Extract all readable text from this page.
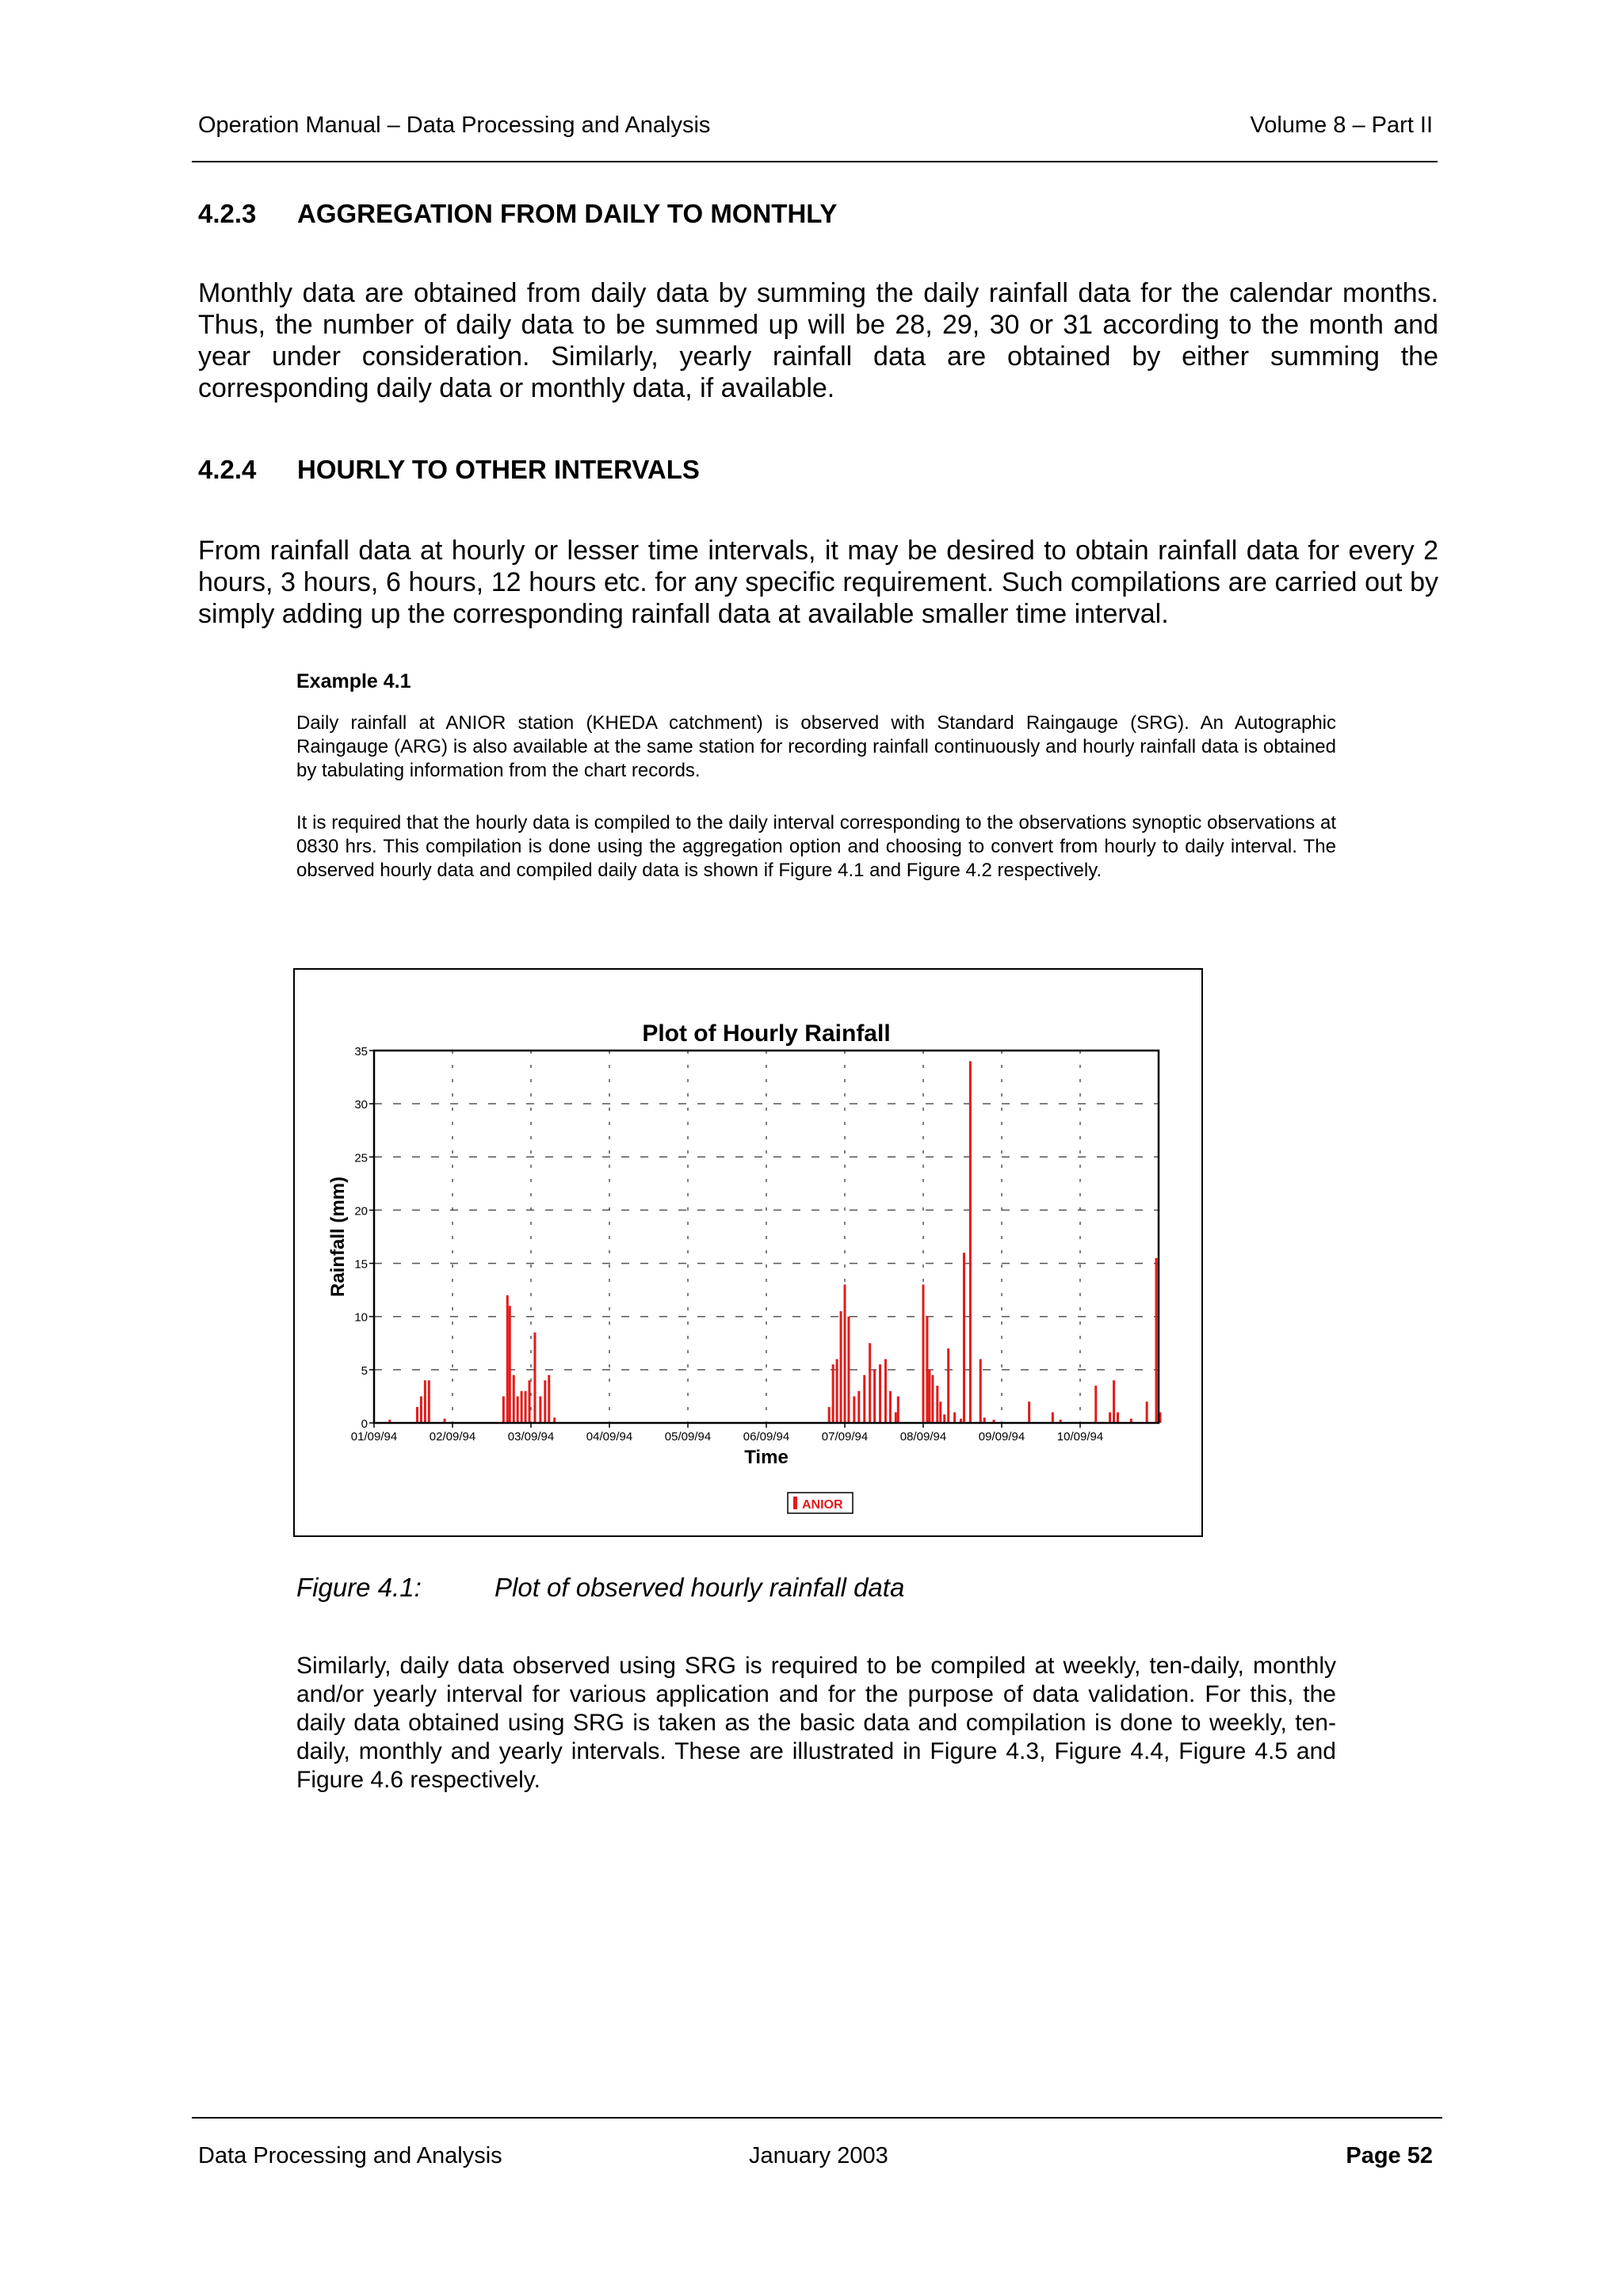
Operation Manual – Data Processing and Analysis	Volume 8 – Part II
4.2.3 AGGREGATION FROM DAILY TO MONTHLY
Monthly data are obtained from daily data by summing the daily rainfall data for the calendar months. Thus, the number of daily data to be summed up will be 28, 29, 30 or 31 according to the month and year under consideration. Similarly, yearly rainfall data are obtained by either summing the corresponding daily data or monthly data, if available.
4.2.4 HOURLY TO OTHER INTERVALS
From rainfall data at hourly or lesser time intervals, it may be desired to obtain rainfall data for every 2 hours, 3 hours, 6 hours, 12 hours etc. for any specific requirement. Such compilations are carried out by simply adding up the corresponding rainfall data at available smaller time interval.
Example 4.1
Daily rainfall at ANIOR station (KHEDA catchment) is observed with Standard Raingauge (SRG). An Autographic Raingauge (ARG) is also available at the same station for recording rainfall continuously and hourly rainfall data is obtained by tabulating information from the chart records.
It is required that the hourly data is compiled to the daily interval corresponding to the observations synoptic observations at 0830 hrs. This compilation is done using the aggregation option and choosing to convert from hourly to daily interval. The observed hourly data and compiled daily data is shown if Figure 4.1 and Figure 4.2 respectively.
Plot of Hourly Rainfall
0
5
10
15
20
25
30
35
01/09/94	02/09/94	03/09/94	04/09/94	05/09/94	06/09/94	07/09/94	08/09/94	09/09/94	10/09/94
Time
Rainfall (mm)
ANIOR
Figure 4.1:	Plot of observed hourly rainfall data
Similarly, daily data observed using SRG is required to be compiled at weekly, ten-daily, monthly and/or yearly interval for various application and for the purpose of data validation. For this, the daily data obtained using SRG is taken as the basic data and compilation is done to weekly, ten-daily, monthly and yearly intervals. These are illustrated in Figure 4.3, Figure 4.4, Figure 4.5 and Figure 4.6 respectively.
Data Processing and Analysis	January 2003	Page 52
